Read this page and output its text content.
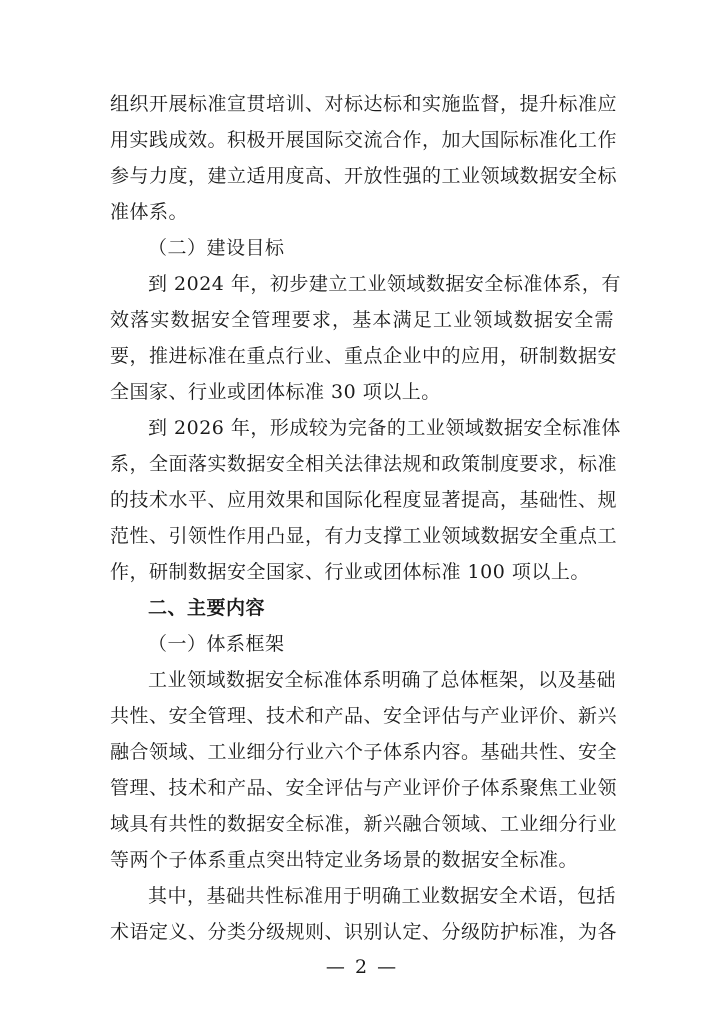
组织开展标准宣贯培训、对标达标和实施监督，提升标准应
用实践成效。积极开展国际交流合作，加大国际标准化工作
参与力度，建立适用度高、开放性强的工业领域数据安全标
准体系。
（二）建设目标
到 2024 年，初步建立工业领域数据安全标准体系，有
效落实数据安全管理要求，基本满足工业领域数据安全需
要，推进标准在重点行业、重点企业中的应用，研制数据安
全国家、行业或团体标准 30 项以上。
到 2026 年，形成较为完备的工业领域数据安全标准体
系，全面落实数据安全相关法律法规和政策制度要求，标准
的技术水平、应用效果和国际化程度显著提高，基础性、规
范性、引领性作用凸显，有力支撑工业领域数据安全重点工
作，研制数据安全国家、行业或团体标准 100 项以上。
二、主要内容
（一）体系框架
工业领域数据安全标准体系明确了总体框架，以及基础
共性、安全管理、技术和产品、安全评估与产业评价、新兴
融合领域、工业细分行业六个子体系内容。基础共性、安全
管理、技术和产品、安全评估与产业评价子体系聚焦工业领
域具有共性的数据安全标准，新兴融合领域、工业细分行业
等两个子体系重点突出特定业务场景的数据安全标准。
其中，基础共性标准用于明确工业数据安全术语，包括
术语定义、分类分级规则、识别认定、分级防护标准，为各
— 2 —
